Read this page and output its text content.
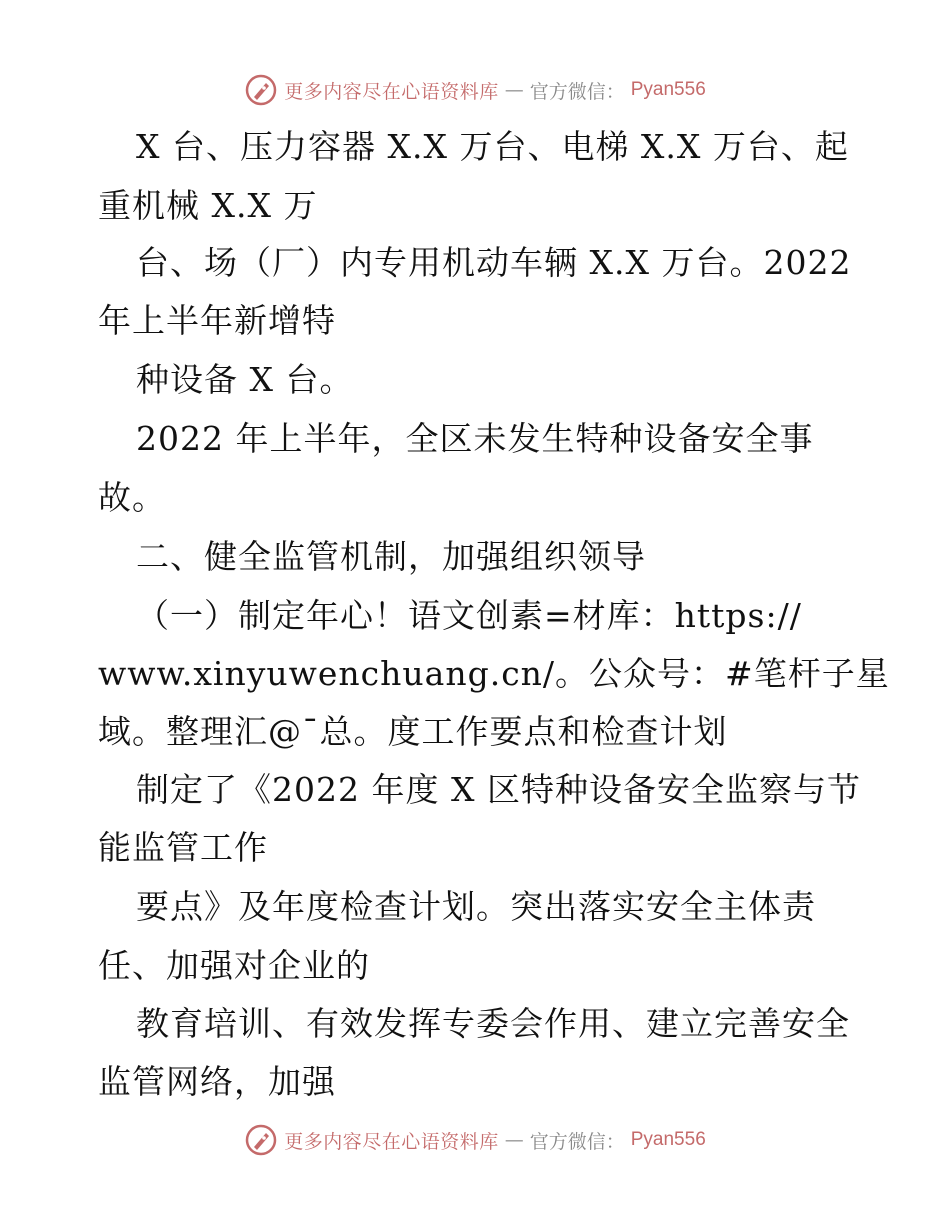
更多内容尽在心语资料库 — 官方微信： Pyan556
X 台、压力容器 X.X 万台、电梯 X.X 万台、起
重机械 X.X 万
台、场（厂）内专用机动车辆 X.X 万台。2022
年上半年新增特
种设备 X 台。
2022 年上半年，全区未发生特种设备安全事
故。
二、健全监管机制，加强组织领导
（一）制定年心！语文创素=材库：https://
www.xinyuwenchuang.cn/。公众号：#笔杆子星
域。整理汇@¯总。度工作要点和检查计划
制定了《2022 年度 X 区特种设备安全监察与节
能监管工作
要点》及年度检查计划。突出落实安全主体责
任、加强对企业的
教育培训、有效发挥专委会作用、建立完善安全
监管网络，加强
更多内容尽在心语资料库 — 官方微信： Pyan556
